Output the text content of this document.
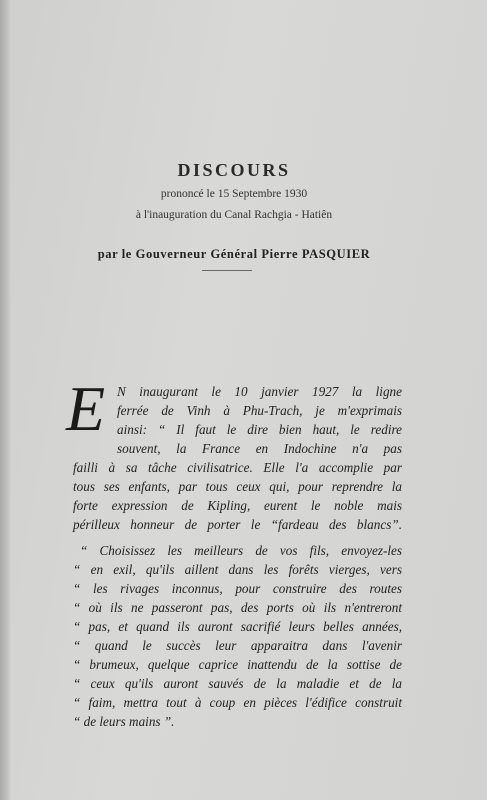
DISCOURS
prononcé le 15 Septembre 1930
à l'inauguration du Canal Rachgia - Hatiên
par le Gouverneur Général Pierre PASQUIER
E N inaugurant le 10 janvier 1927 la ligne
ferrée de Vinh à Phu-Trach, je m'exprimais
ainsi: “ Il faut le dire bien haut, le redire
souvent, la France en Indochine n'a pas
failli à sa tâche civilisatrice. Elle l'a accomplie par
tous ses enfants, par tous ceux qui, pour reprendre la
forte expression de Kipling, eurent le noble mais
périlleux honneur de porter le “fardeau des blancs”.
“ Choisissez les meilleurs de vos fils, envoyez-les
“ en exil, qu'ils aillent dans les forêts vierges, vers
“ les rivages inconnus, pour construire des routes
“ où ils ne passeront pas, des ports où ils n'entreront
“ pas, et quand ils auront sacrifié leurs belles années,
“ quand le succès leur apparaitra dans l'avenir
“ brumeux, quelque caprice inattendu de la sottise de
“ ceux qu'ils auront sauvés de la maladie et de la
“ faim, mettra tout à coup en pièces l'édifice construit
“ de leurs mains ”.
